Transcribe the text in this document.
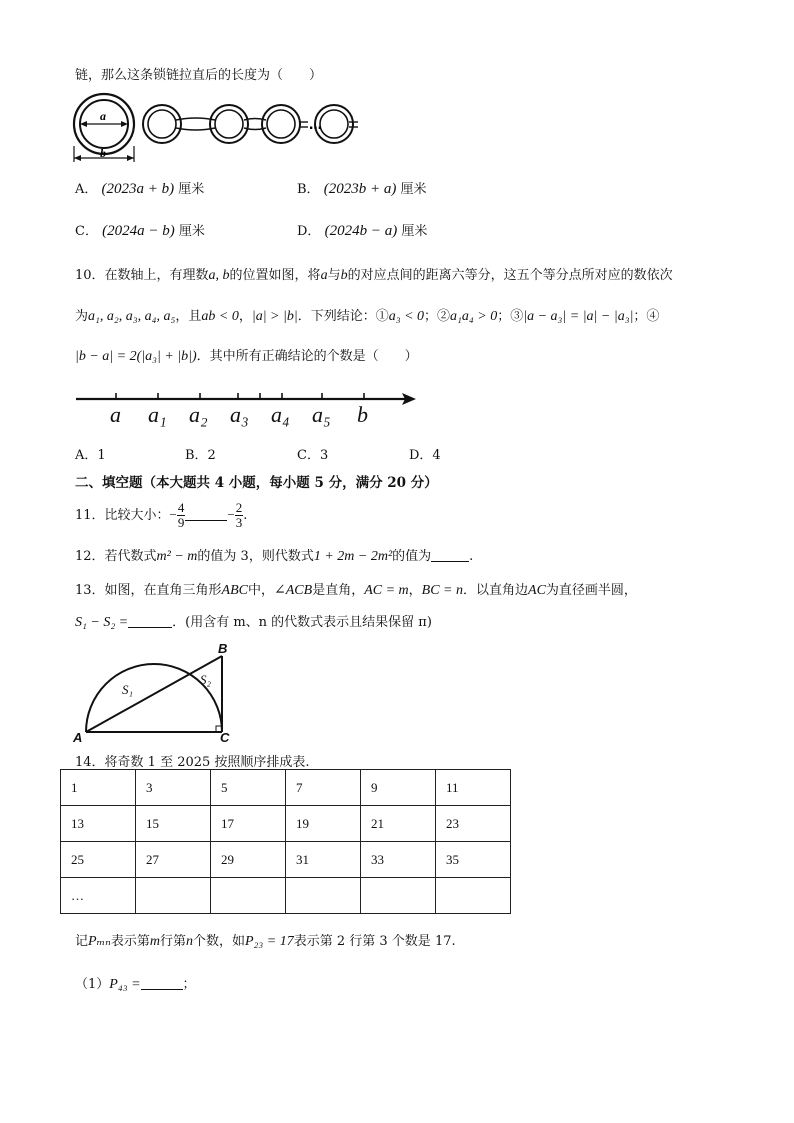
链，那么这条锁链拉直后的长度为（　　）
a
b
…
A． (2023a + b) 厘米	B． (2023b + a) 厘米
C． (2024a − b) 厘米	D． (2024b − a) 厘米
10．在数轴上，有理数a, b的位置如图，将a与b的对应点间的距离六等分，这五个等分点所对应的数依次
为a₁, a₂, a₃, a₄, a₅，且ab < 0，|a| > |b|．下列结论：①a₃ < 0；②a₁a₄ > 0；③|a − a₃| = |a| − |a₃|；④
|b − a| = 2(|a₃| + |b|)．其中所有正确结论的个数是（　　）
a a₁ a₂ a₃ a₄ a₅ b
A．1	B．2	C．3	D．4
二、填空题（本大题共 4 小题，每小题 5 分，满分 20 分）
11．比较大小：− $\frac{4}{9}$	− $\frac{2}{3}$ .
12．若代数式m² − m的值为 3，则代数式1 + 2m − 2m²的值为	.
13．如图，在直角三角形ABC中，∠ACB是直角，AC = m，BC = n．以直角边AC为直径画半圆，
S₁ − S₂ =	．(用含有 m、n 的代数式表示且结果保留 π)
A
B
C
S₁
S₂
14．将奇数 1 至 2025 按照顺序排成表.
1	3	5	7	9	11
13	15	17	19	21	23
25	27	29	31	33	35
…					
记Pₘₙ表示第m行第n个数，如P₂₃ = 17表示第 2 行第 3 个数是 17.
（1）P₄₃ =	；
